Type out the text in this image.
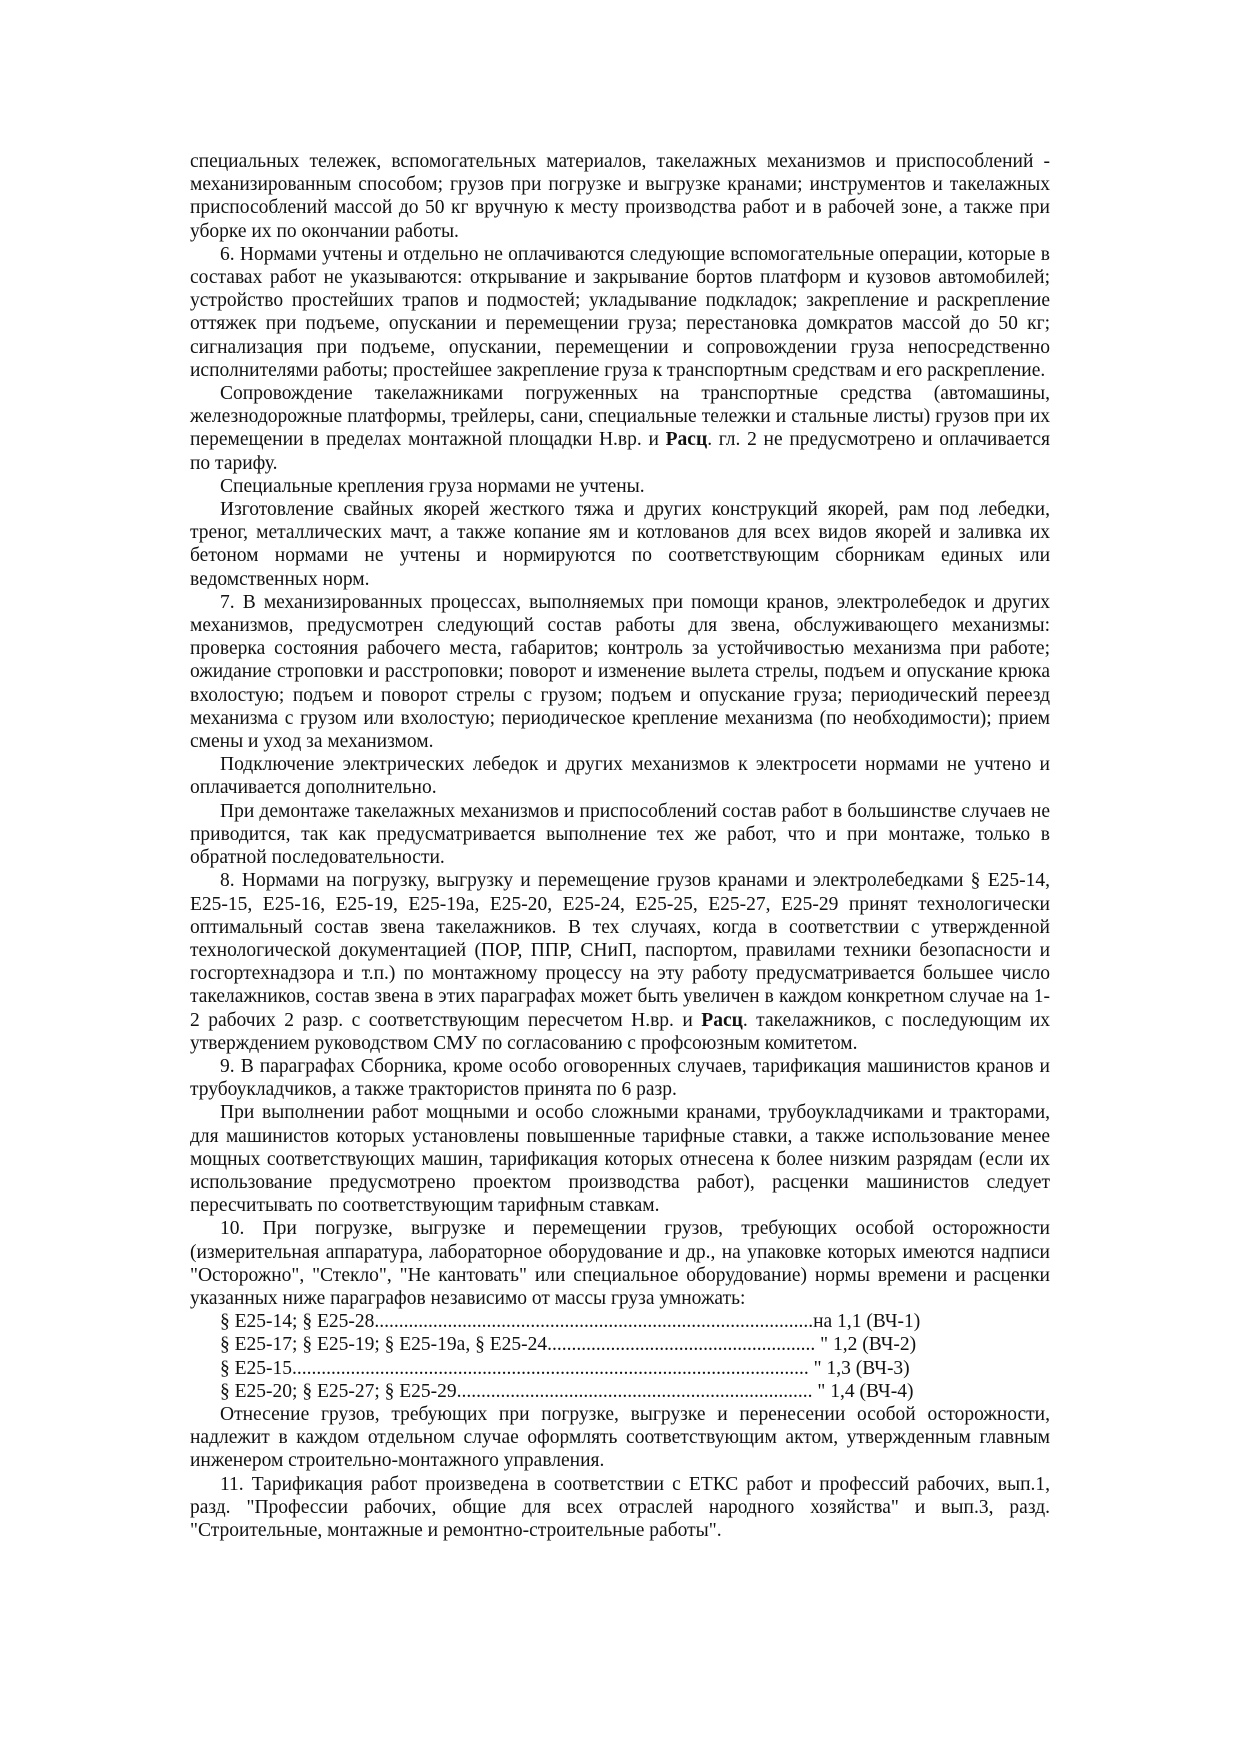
специальных тележек, вспомогательных материалов, такелажных механизмов и приспособлений - механизированным способом; грузов при погрузке и выгрузке кранами; инструментов и такелажных приспособлений массой до 50 кг вручную к месту производства работ и в рабочей зоне, а также при уборке их по окончании работы.

6. Нормами учтены и отдельно не оплачиваются следующие вспомогательные операции, которые в составах работ не указываются: открывание и закрывание бортов платформ и кузовов автомобилей; устройство простейших трапов и подмостей; укладывание подкладок; закрепление и раскрепление оттяжек при подъеме, опускании и перемещении груза; перестановка домкратов массой до 50 кг; сигнализация при подъеме, опускании, перемещении и сопровождении груза непосредственно исполнителями работы; простейшее закрепление груза к транспортным средствам и его раскрепление.

Сопровождение такелажниками погруженных на транспортные средства (автомашины, железнодорожные платформы, трейлеры, сани, специальные тележки и стальные листы) грузов при их перемещении в пределах монтажной площадки Н.вр. и Расц. гл. 2 не предусмотрено и оплачивается по тарифу.

Специальные крепления груза нормами не учтены.

Изготовление свайных якорей жесткого тяжа и других конструкций якорей, рам под лебедки, треног, металлических мачт, а также копание ям и котлованов для всех видов якорей и заливка их бетоном нормами не учтены и нормируются по соответствующим сборникам единых или ведомственных норм.

7. В механизированных процессах, выполняемых при помощи кранов, электролебедок и других механизмов, предусмотрен следующий состав работы для звена, обслуживающего механизмы: проверка состояния рабочего места, габаритов; контроль за устойчивостью механизма при работе; ожидание строповки и расстроповки; поворот и изменение вылета стрелы, подъем и опускание крюка вхолостую; подъем и поворот стрелы с грузом; подъем и опускание груза; периодический переезд механизма с грузом или вхолостую; периодическое крепление механизма (по необходимости); прием смены и уход за механизмом.

Подключение электрических лебедок и других механизмов к электросети нормами не учтено и оплачивается дополнительно.

При демонтаже такелажных механизмов и приспособлений состав работ в большинстве случаев не приводится, так как предусматривается выполнение тех же работ, что и при монтаже, только в обратной последовательности.

8. Нормами на погрузку, выгрузку и перемещение грузов кранами и электролебедками § Е25-14, Е25-15, Е25-16, Е25-19, Е25-19а, Е25-20, Е25-24, Е25-25, Е25-27, Е25-29 принят технологически оптимальный состав звена такелажников. В тех случаях, когда в соответствии с утвержденной технологической документацией (ПОР, ППР, СНиП, паспортом, правилами техники безопасности и госгортехнадзора и т.п.) по монтажному процессу на эту работу предусматривается большее число такелажников, состав звена в этих параграфах может быть увеличен в каждом конкретном случае на 1-2 рабочих 2 разр. с соответствующим пересчетом Н.вр. и Расц. такелажников, с последующим их утверждением руководством СМУ по согласованию с профсоюзным комитетом.

9. В параграфах Сборника, кроме особо оговоренных случаев, тарификация машинистов кранов и трубоукладчиков, а также трактористов принята по 6 разр.

При выполнении работ мощными и особо сложными кранами, трубоукладчиками и тракторами, для машинистов которых установлены повышенные тарифные ставки, а также использование менее мощных соответствующих машин, тарификация которых отнесена к более низким разрядам (если их использование предусмотрено проектом производства работ), расценки машинистов следует пересчитывать по соответствующим тарифным ставкам.

10. При погрузке, выгрузке и перемещении грузов, требующих особой осторожности (измерительная аппаратура, лабораторное оборудование и др., на упаковке которых имеются надписи "Осторожно", "Стекло", "Не кантовать" или специальное оборудование) нормы времени и расценки указанных ниже параграфов независимо от массы груза умножать:

§ Е25-14; § Е25-28..........................................................................................на 1,1 (ВЧ-1)
§ Е25-17; § Е25-19; § Е25-19а, § Е25-24....................................................... " 1,2 (ВЧ-2)
§ Е25-15.......................................................................................................... " 1,3 (ВЧ-3)
§ Е25-20; § Е25-27; § Е25-29......................................................................... " 1,4 (ВЧ-4)

Отнесение грузов, требующих при погрузке, выгрузке и перенесении особой осторожности, надлежит в каждом отдельном случае оформлять соответствующим актом, утвержденным главным инженером строительно-монтажного управления.

11. Тарификация работ произведена в соответствии с ЕТКС работ и профессий рабочих, вып.1, разд. "Профессии рабочих, общие для всех отраслей народного хозяйства" и вып.3, разд. "Строительные, монтажные и ремонтно-строительные работы".
